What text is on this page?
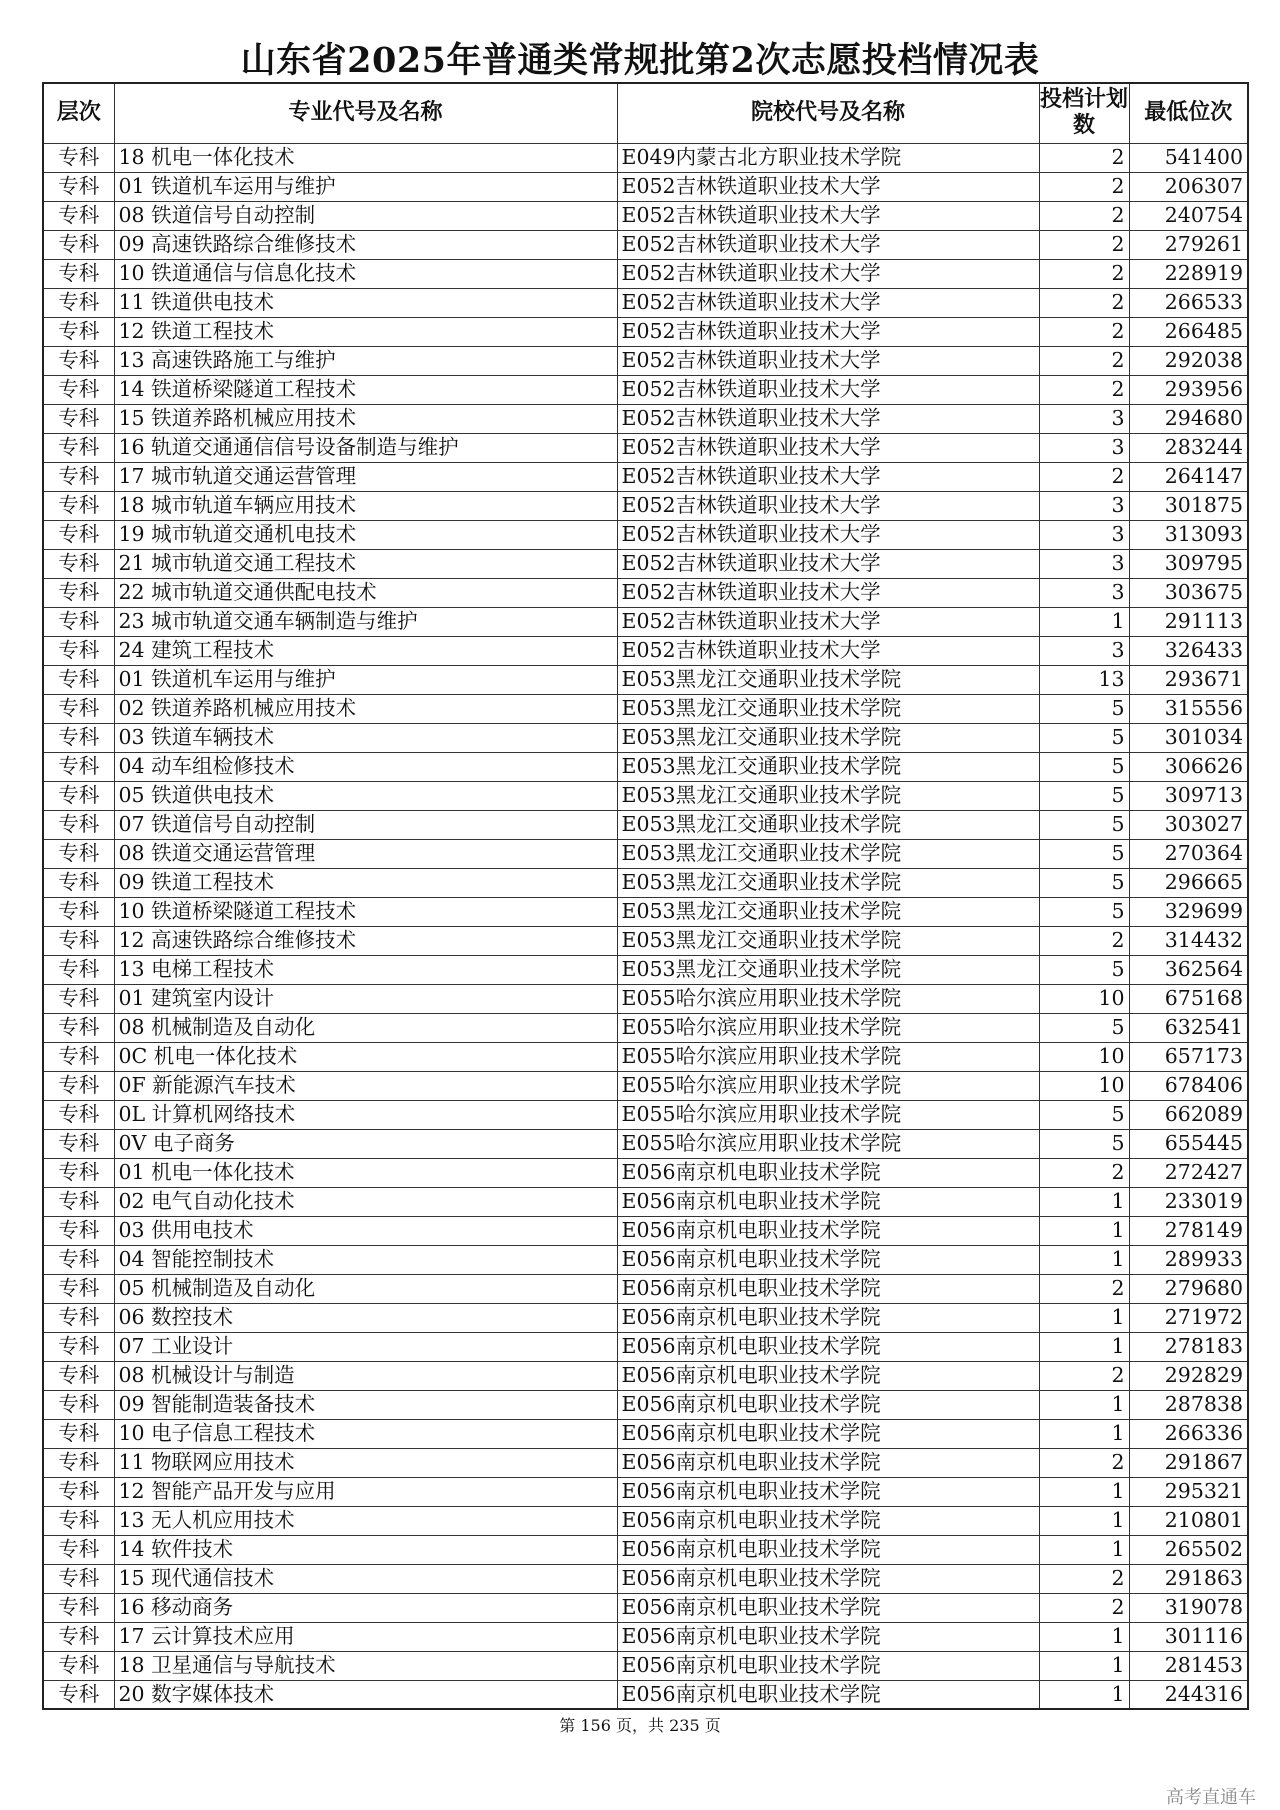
山东省2025年普通类常规批第2次志愿投档情况表
层次	专业代号及名称	院校代号及名称	投档计划数	最低位次
专科	18 机电一体化技术	E049内蒙古北方职业技术学院	2	541400
专科	01 铁道机车运用与维护	E052吉林铁道职业技术大学	2	206307
专科	08 铁道信号自动控制	E052吉林铁道职业技术大学	2	240754
专科	09 高速铁路综合维修技术	E052吉林铁道职业技术大学	2	279261
专科	10 铁道通信与信息化技术	E052吉林铁道职业技术大学	2	228919
专科	11 铁道供电技术	E052吉林铁道职业技术大学	2	266533
专科	12 铁道工程技术	E052吉林铁道职业技术大学	2	266485
专科	13 高速铁路施工与维护	E052吉林铁道职业技术大学	2	292038
专科	14 铁道桥梁隧道工程技术	E052吉林铁道职业技术大学	2	293956
专科	15 铁道养路机械应用技术	E052吉林铁道职业技术大学	3	294680
专科	16 轨道交通通信信号设备制造与维护	E052吉林铁道职业技术大学	3	283244
专科	17 城市轨道交通运营管理	E052吉林铁道职业技术大学	2	264147
专科	18 城市轨道车辆应用技术	E052吉林铁道职业技术大学	3	301875
专科	19 城市轨道交通机电技术	E052吉林铁道职业技术大学	3	313093
专科	21 城市轨道交通工程技术	E052吉林铁道职业技术大学	3	309795
专科	22 城市轨道交通供配电技术	E052吉林铁道职业技术大学	3	303675
专科	23 城市轨道交通车辆制造与维护	E052吉林铁道职业技术大学	1	291113
专科	24 建筑工程技术	E052吉林铁道职业技术大学	3	326433
专科	01 铁道机车运用与维护	E053黑龙江交通职业技术学院	13	293671
专科	02 铁道养路机械应用技术	E053黑龙江交通职业技术学院	5	315556
专科	03 铁道车辆技术	E053黑龙江交通职业技术学院	5	301034
专科	04 动车组检修技术	E053黑龙江交通职业技术学院	5	306626
专科	05 铁道供电技术	E053黑龙江交通职业技术学院	5	309713
专科	07 铁道信号自动控制	E053黑龙江交通职业技术学院	5	303027
专科	08 铁道交通运营管理	E053黑龙江交通职业技术学院	5	270364
专科	09 铁道工程技术	E053黑龙江交通职业技术学院	5	296665
专科	10 铁道桥梁隧道工程技术	E053黑龙江交通职业技术学院	5	329699
专科	12 高速铁路综合维修技术	E053黑龙江交通职业技术学院	2	314432
专科	13 电梯工程技术	E053黑龙江交通职业技术学院	5	362564
专科	01 建筑室内设计	E055哈尔滨应用职业技术学院	10	675168
专科	08 机械制造及自动化	E055哈尔滨应用职业技术学院	5	632541
专科	0C 机电一体化技术	E055哈尔滨应用职业技术学院	10	657173
专科	0F 新能源汽车技术	E055哈尔滨应用职业技术学院	10	678406
专科	0L 计算机网络技术	E055哈尔滨应用职业技术学院	5	662089
专科	0V 电子商务	E055哈尔滨应用职业技术学院	5	655445
专科	01 机电一体化技术	E056南京机电职业技术学院	2	272427
专科	02 电气自动化技术	E056南京机电职业技术学院	1	233019
专科	03 供用电技术	E056南京机电职业技术学院	1	278149
专科	04 智能控制技术	E056南京机电职业技术学院	1	289933
专科	05 机械制造及自动化	E056南京机电职业技术学院	2	279680
专科	06 数控技术	E056南京机电职业技术学院	1	271972
专科	07 工业设计	E056南京机电职业技术学院	1	278183
专科	08 机械设计与制造	E056南京机电职业技术学院	2	292829
专科	09 智能制造装备技术	E056南京机电职业技术学院	1	287838
专科	10 电子信息工程技术	E056南京机电职业技术学院	1	266336
专科	11 物联网应用技术	E056南京机电职业技术学院	2	291867
专科	12 智能产品开发与应用	E056南京机电职业技术学院	1	295321
专科	13 无人机应用技术	E056南京机电职业技术学院	1	210801
专科	14 软件技术	E056南京机电职业技术学院	1	265502
专科	15 现代通信技术	E056南京机电职业技术学院	2	291863
专科	16 移动商务	E056南京机电职业技术学院	2	319078
专科	17 云计算技术应用	E056南京机电职业技术学院	1	301116
专科	18 卫星通信与导航技术	E056南京机电职业技术学院	1	281453
专科	20 数字媒体技术	E056南京机电职业技术学院	1	244316
第 156 页，共 235 页
高考直通车
